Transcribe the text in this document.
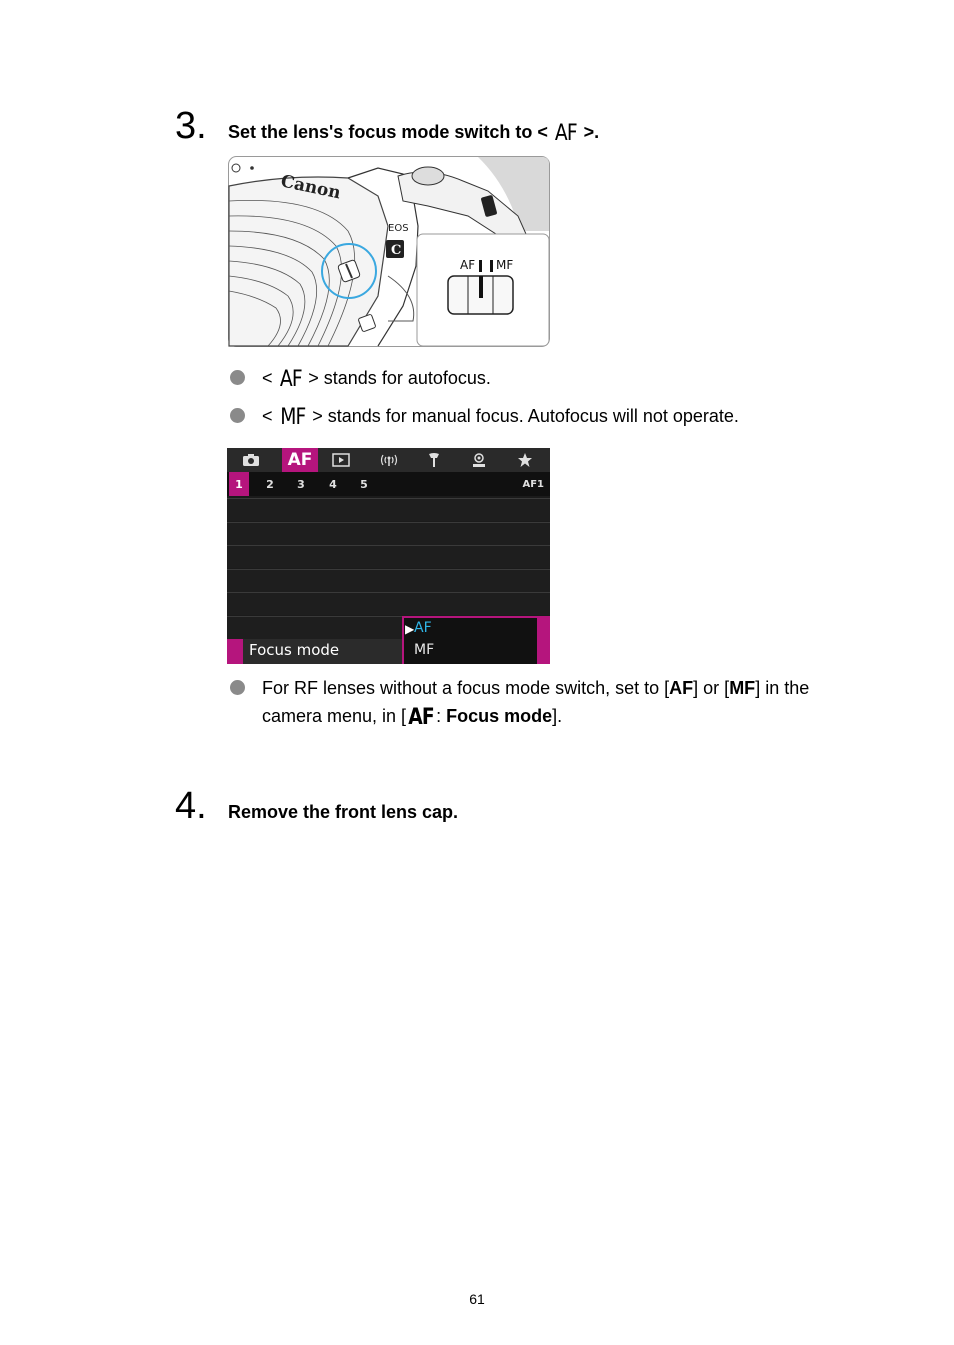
3.	Set the lens's focus mode switch to < AF >.
Canon
EOS
C
AF MF
< AF > stands for autofocus.
< MF > stands for manual focus. Autofocus will not operate.
AF
1	2	3	4	5	AF1
Focus mode
▶ AF
MF
For RF lenses without a focus mode switch, set to [AF] or [MF] in the camera menu, in [ AF : Focus mode].
4.	Remove the front lens cap.
61
